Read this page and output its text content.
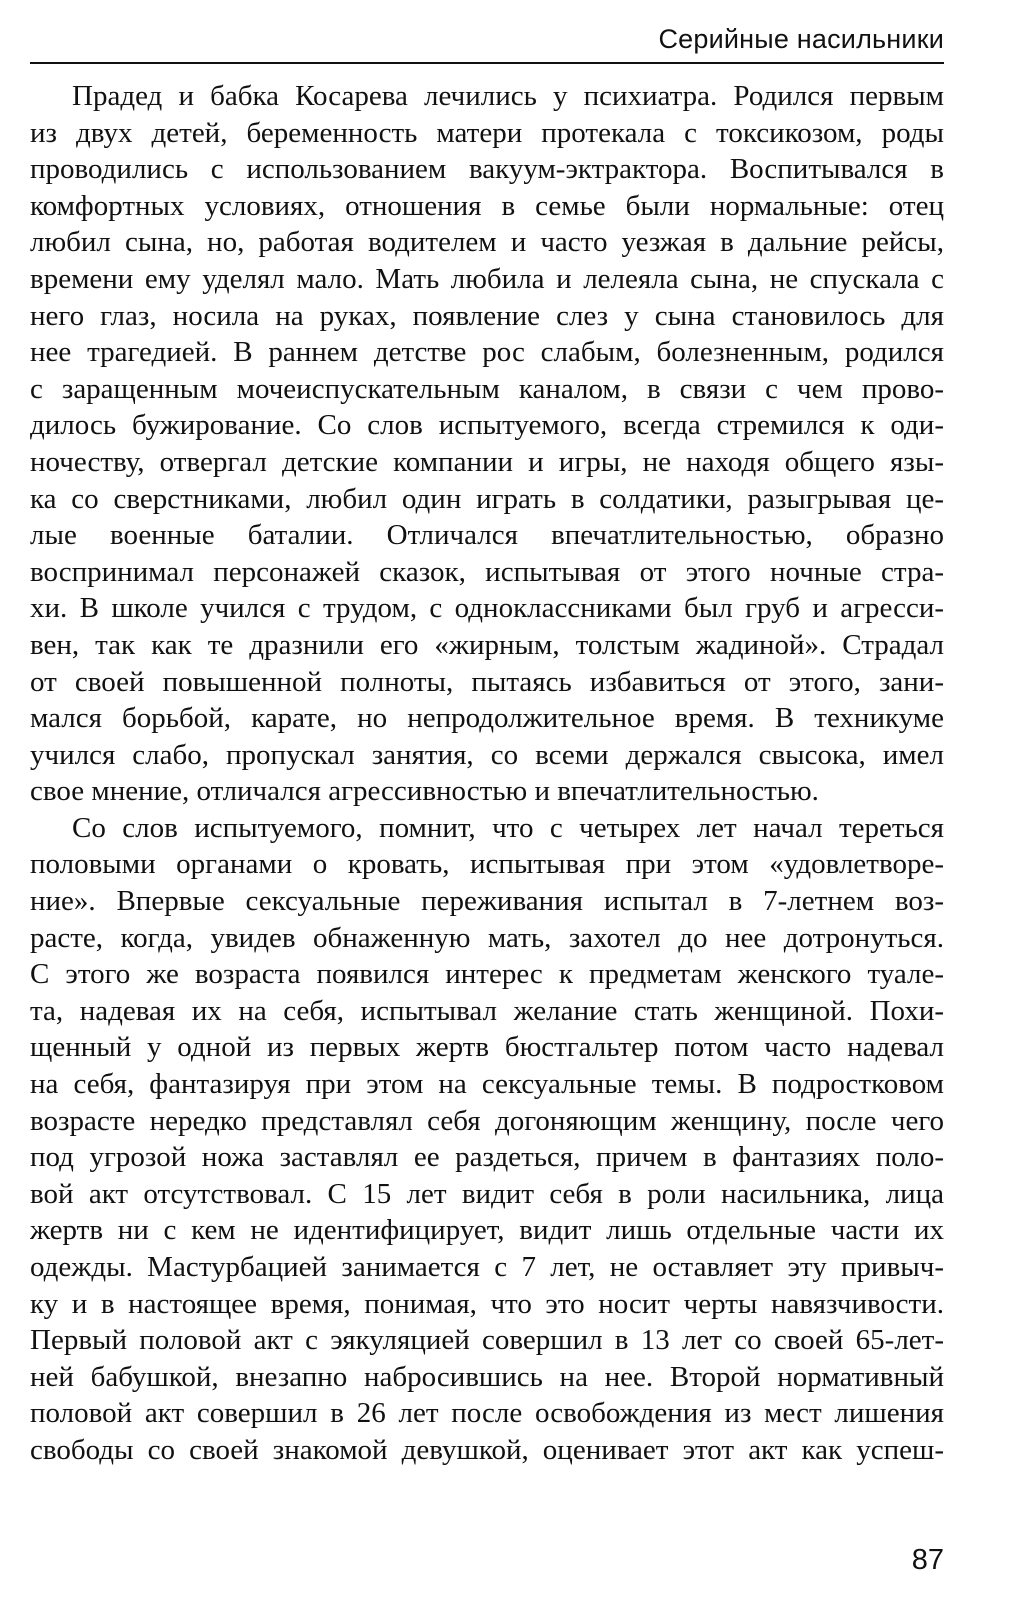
Серийные насильники
Прадед и бабка Косарева лечились у психиатра. Родился первым
из двух детей, беременность матери протекала с токсикозом, роды
проводились с использованием вакуум-эктрактора. Воспитывался в
комфортных условиях, отношения в семье были нормальные: отец
любил сына, но, работая водителем и часто уезжая в дальние рейсы,
времени ему уделял мало. Мать любила и лелеяла сына, не спускала с
него глаз, носила на руках, появление слез у сына становилось для
нее трагедией. В раннем детстве рос слабым, болезненным, родился
с заращенным мочеиспускательным каналом, в связи с чем прово-
дилось бужирование. Со слов испытуемого, всегда стремился к оди-
ночеству, отвергал детские компании и игры, не находя общего язы-
ка со сверстниками, любил один играть в солдатики, разыгрывая це-
лые военные баталии. Отличался впечатлительностью, образно
воспринимал персонажей сказок, испытывая от этого ночные стра-
хи. В школе учился с трудом, с одноклассниками был груб и агресси-
вен, так как те дразнили его «жирным, толстым жадиной». Страдал
от своей повышенной полноты, пытаясь избавиться от этого, зани-
мался борьбой, карате, но непродолжительное время. В техникуме
учился слабо, пропускал занятия, со всеми держался свысока, имел
свое мнение, отличался агрессивностью и впечатлительностью.
Со слов испытуемого, помнит, что с четырех лет начал тереться
половыми органами о кровать, испытывая при этом «удовлетворе-
ние». Впервые сексуальные переживания испытал в 7-летнем воз-
расте, когда, увидев обнаженную мать, захотел до нее дотронуться.
С этого же возраста появился интерес к предметам женского туале-
та, надевая их на себя, испытывал желание стать женщиной. Похи-
щенный у одной из первых жертв бюстгальтер потом часто надевал
на себя, фантазируя при этом на сексуальные темы. В подростковом
возрасте нередко представлял себя догоняющим женщину, после чего
под угрозой ножа заставлял ее раздеться, причем в фантазиях поло-
вой акт отсутствовал. С 15 лет видит себя в роли насильника, лица
жертв ни с кем не идентифицирует, видит лишь отдельные части их
одежды. Мастурбацией занимается с 7 лет, не оставляет эту привыч-
ку и в настоящее время, понимая, что это носит черты навязчивости.
Первый половой акт с эякуляцией совершил в 13 лет со своей 65-лет-
ней бабушкой, внезапно набросившись на нее. Второй нормативный
половой акт совершил в 26 лет после освобождения из мест лишения
свободы со своей знакомой девушкой, оценивает этот акт как успеш-
87
